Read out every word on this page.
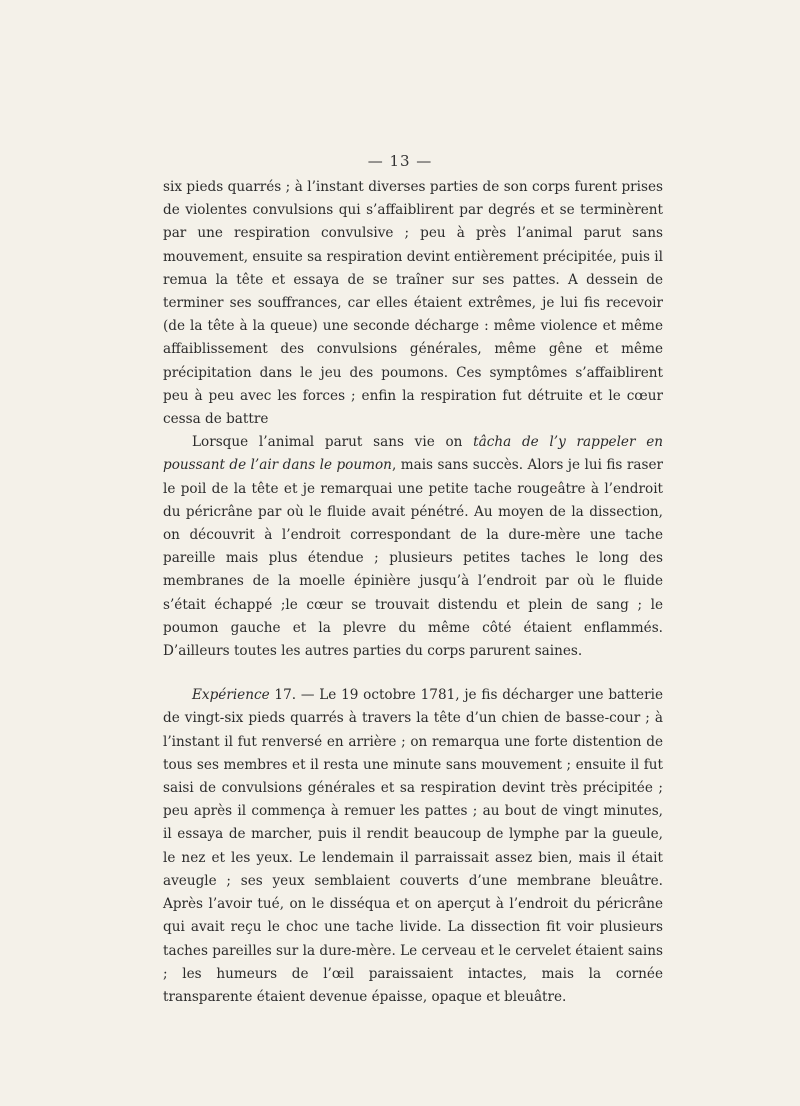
— 13 —

six pieds quarrés ; à l’instant diverses parties de son corps furent prises de violentes convulsions qui s’affaiblirent par degrés et se terminèrent par une respiration convulsive ; peu à près l’animal parut sans mouvement, ensuite sa respiration devint entièrement précipitée, puis il remua la tête et essaya de se traîner sur ses pattes. A dessein de terminer ses souffrances, car elles étaient extrêmes, je lui fis recevoir (de la tête à la queue) une seconde décharge : même violence et même affaiblissement des convulsions générales, même gêne et même précipitation dans le jeu des poumons. Ces symptômes s’affaiblirent peu à peu avec les forces ; enfin la respiration fut détruite et le cœur cessa de battre

Lorsque l’animal parut sans vie on tâcha de l’y rappeler en poussant de l’air dans le poumon, mais sans succès. Alors je lui fis raser le poil de la tête et je remarquai une petite tache rougeâtre à l’endroit du péricrâne par où le fluide avait pénétré. Au moyen de la dissection, on découvrit à l’endroit correspondant de la dure-mère une tache pareille mais plus étendue ; plusieurs petites taches le long des membranes de la moelle épinière jusqu’à l’endroit par où le fluide s’était échappé ;le cœur se trouvait distendu et plein de sang ; le poumon gauche et la plevre du même côté étaient enflammés. D’ailleurs toutes les autres parties du corps parurent saines.

Expérience 17. — Le 19 octobre 1781, je fis décharger une batterie de vingt-six pieds quarrés à travers la tête d’un chien de basse-cour ; à l’instant il fut renversé en arrière ; on remarqua une forte distention de tous ses membres et il resta une minute sans mouvement ; ensuite il fut saisi de convulsions générales et sa respiration devint très précipitée ; peu après il commença à remuer les pattes ; au bout de vingt minutes, il essaya de marcher, puis il rendit beaucoup de lymphe par la gueule, le nez et les yeux. Le lendemain il parraissait assez bien, mais il était aveugle ; ses yeux semblaient couverts d’une membrane bleuâtre. Après l’avoir tué, on le disséqua et on aperçut à l’endroit du péricrâne qui avait reçu le choc une tache livide. La dissection fit voir plusieurs taches pareilles sur la dure-mère. Le cerveau et le cervelet étaient sains ; les humeurs de l’œil paraissaient intactes, mais la cornée transparente étaient devenue épaisse, opaque et bleuâtre.
